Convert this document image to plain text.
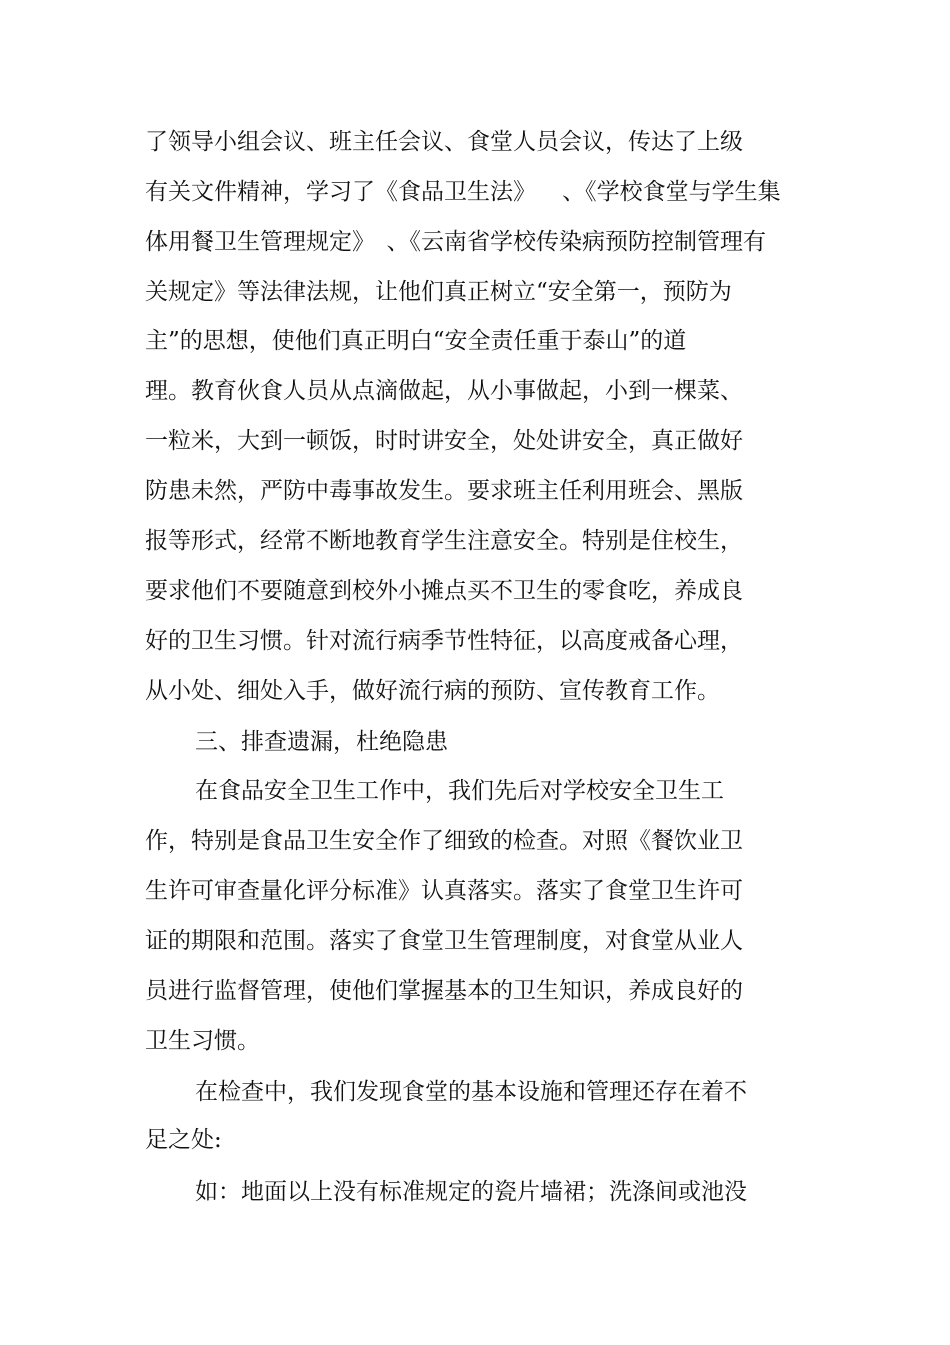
了领导小组会议、班主任会议、食堂人员会议，传达了上级
有关文件精神，学习了《食品卫生法》　  、《学校食堂与学生集
体用餐卫生管理规定》　、《云南省学校传染病预防控制管理有
关规定》等法律法规，让他们真正树立“安全第一，预防为
主”的思想，使他们真正明白“安全责任重于泰山”的道
理。教育伙食人员从点滴做起，从小事做起，小到一棵菜、
一粒米，大到一顿饭，时时讲安全，处处讲安全，真正做好
防患未然，严防中毒事故发生。要求班主任利用班会、黑版
报等形式，经常不断地教育学生注意安全。特别是住校生，
要求他们不要随意到校外小摊点买不卫生的零食吃，养成良
好的卫生习惯。针对流行病季节性特征，以高度戒备心理，
从小处、细处入手，做好流行病的预防、宣传教育工作。
三、排查遗漏，杜绝隐患
在食品安全卫生工作中，我们先后对学校安全卫生工
作，特别是食品卫生安全作了细致的检查。对照《餐饮业卫
生许可审查量化评分标准》认真落实。落实了食堂卫生许可
证的期限和范围。落实了食堂卫生管理制度，对食堂从业人
员进行监督管理，使他们掌握基本的卫生知识，养成良好的
卫生习惯。
在检查中，我们发现食堂的基本设施和管理还存在着不
足之处:
如：地面以上没有标准规定的瓷片墙裙；洗涤间或池没
